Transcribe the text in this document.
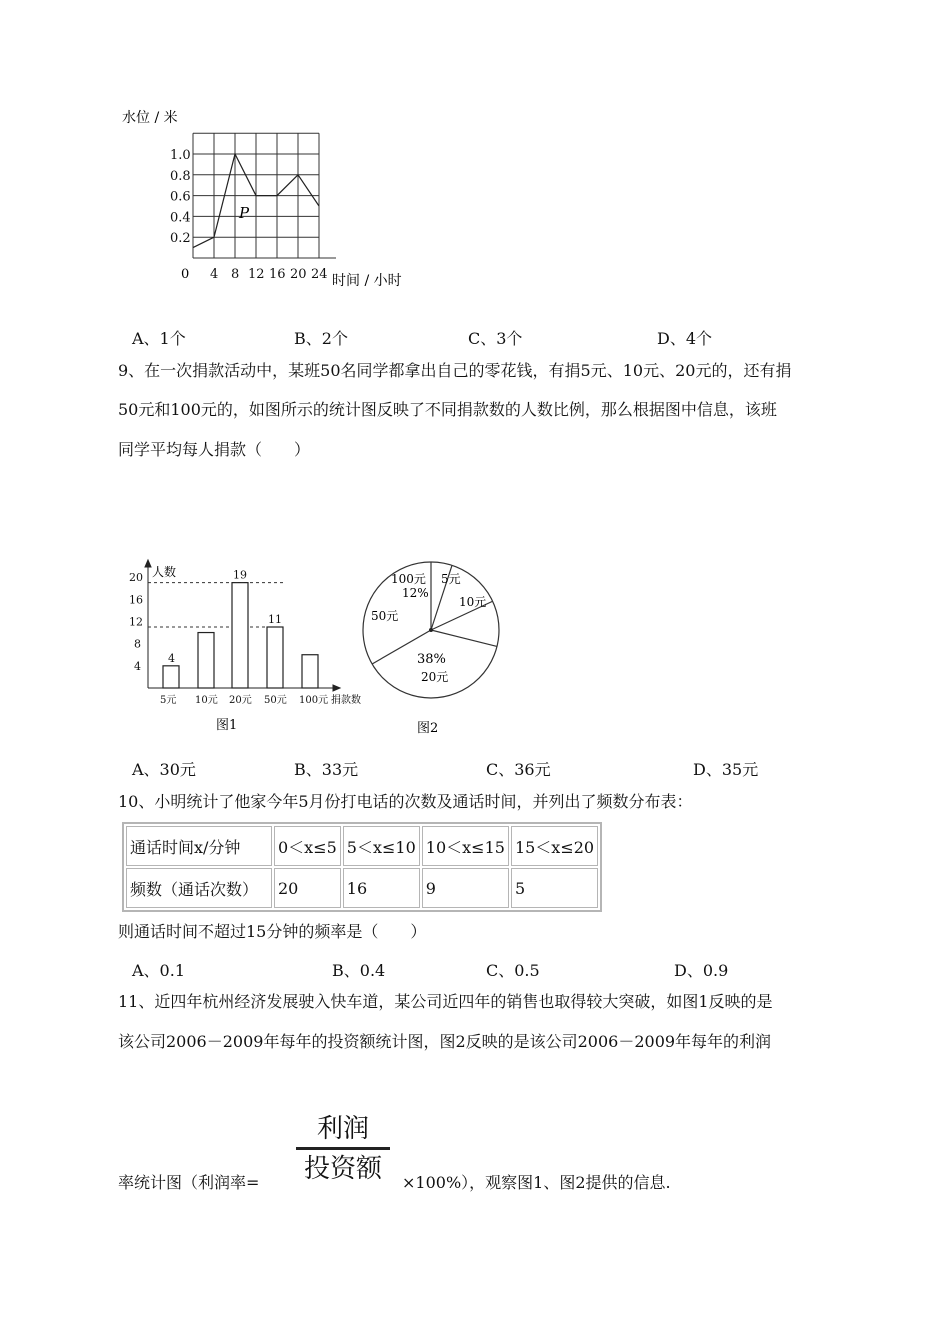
水位 / 米
0.2
0.4
0.6
0.8
1.0
4 8 12 16 20 24
P
0	时间 / 小时
A、1个	B、2个	C、3个	D、4个
9、在一次捐款活动中，某班50名同学都拿出自己的零花钱，有捐5元、10元、20元的，还有捐
50元和100元的，如图所示的统计图反映了不同捐款数的人数比例，那么根据图中信息，该班
同学平均每人捐款（　　）
人数
捐款数
4
8
12
16
20
5元 10元 20元 50元 100元
4
19
11
图1
100元
12%
5元
10元
50元
38%
20元
图2
A、30元	B、33元	C、36元	D、35元
10、小明统计了他家今年5月份打电话的次数及通话时间，并列出了频数分布表：
通话时间x/分钟	0＜x≤5	5＜x≤10	10＜x≤15	15＜x≤20
频数（通话次数）	20	16	9	5
则通话时间不超过15分钟的频率是（　　）
A、0.1	B、0.4	C、0.5	D、0.9
11、近四年杭州经济发展驶入快车道，某公司近四年的销售也取得较大突破，如图1反映的是
该公司2006－2009年每年的投资额统计图，图2反映的是该公司2006－2009年每年的利润
率统计图（利润率=
利润
投资额	×100%），观察图1、图2提供的信息.
